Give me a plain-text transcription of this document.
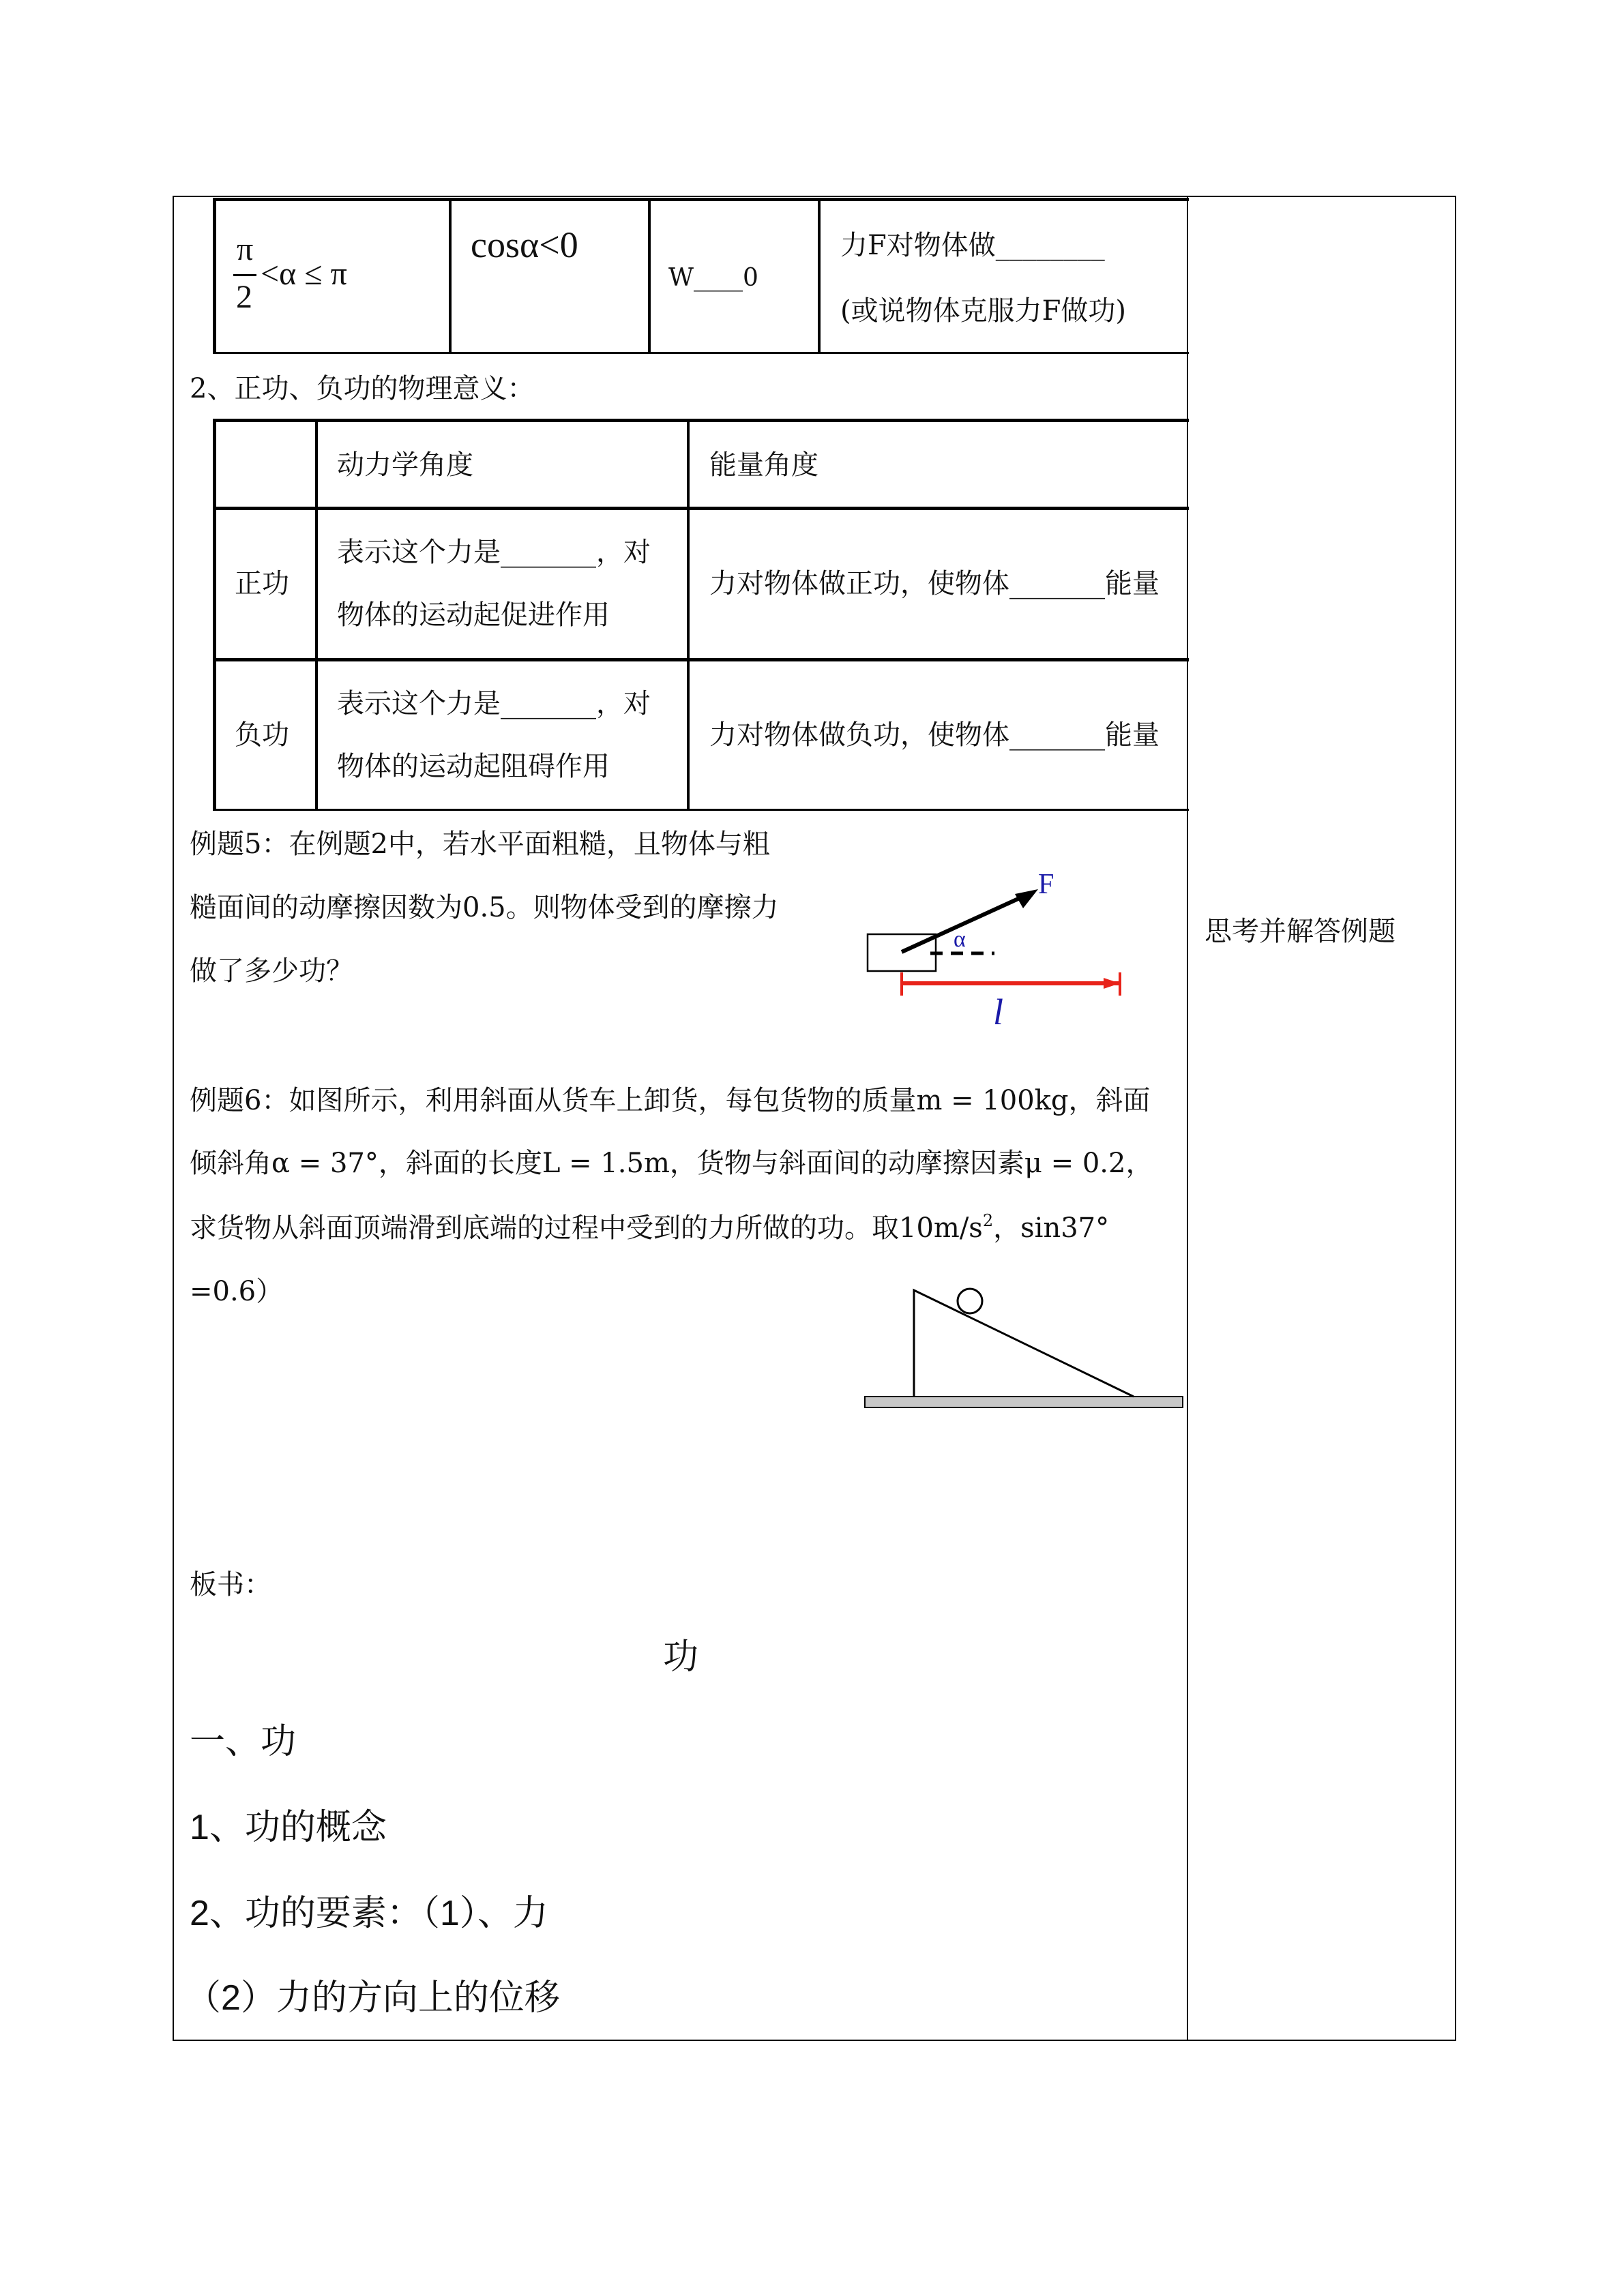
π
2
<α ≤ π
cosα<0
W____0
力F对物体做________
(或说物体克服力F做功)
2、正功、负功的物理意义：
动力学角度	能量角度
正功
表示这个力是_______，对
物体的运动起促进作用
力对物体做正功，使物体_______能量
负功
表示这个力是_______，对
物体的运动起阻碍作用
力对物体做负功，使物体_______能量
例题5：在例题2中，若水平面粗糙，且物体与粗
糙面间的动摩擦因数为0.5。则物体受到的摩擦力
做了多少功？
F
α
l
例题6：如图所示，利用斜面从货车上卸货，每包货物的质量m = 100kg，斜面
倾斜角α = 37°，斜面的长度L = 1.5m，货物与斜面间的动摩擦因素μ = 0.2，
求货物从斜面顶端滑到底端的过程中受到的力所做的功。取$10m/s^2$，sin37°
=0.6）
思考并解答例题
板书：
功
一、功
1、功的概念
2、功的要素：（1）、力
（2）力的方向上的位移
